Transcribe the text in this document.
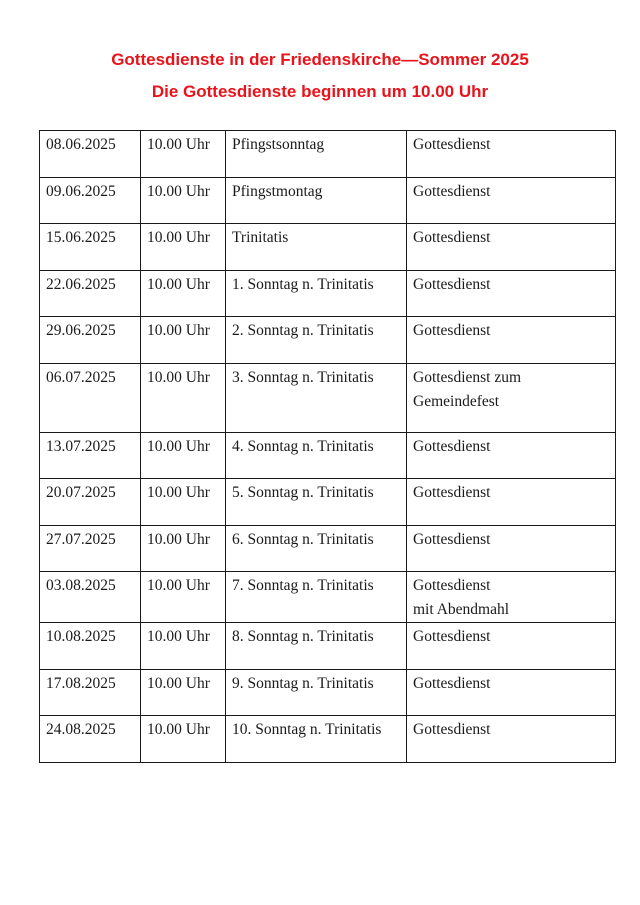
Gottesdienste in der Friedenskirche—Sommer 2025
Die Gottesdienste beginnen um 10.00 Uhr
08.06.2025	10.00 Uhr	Pfingstsonntag	Gottesdienst

09.06.2025	10.00 Uhr	Pfingstmontag	Gottesdienst

15.06.2025	10.00 Uhr	Trinitatis	Gottesdienst

22.06.2025	10.00 Uhr	1. Sonntag n. Trinitatis	Gottesdienst

29.06.2025	10.00 Uhr	2. Sonntag n. Trinitatis	Gottesdienst

06.07.2025	10.00 Uhr	3. Sonntag n. Trinitatis	Gottesdienst zum
Gemeindefest

13.07.2025	10.00 Uhr	4. Sonntag n. Trinitatis	Gottesdienst

20.07.2025	10.00 Uhr	5. Sonntag n. Trinitatis	Gottesdienst

27.07.2025	10.00 Uhr	6. Sonntag n. Trinitatis	Gottesdienst

03.08.2025	10.00 Uhr	7. Sonntag n. Trinitatis	Gottesdienst
mit Abendmahl

10.08.2025	10.00 Uhr	8. Sonntag n. Trinitatis	Gottesdienst

17.08.2025	10.00 Uhr	9. Sonntag n. Trinitatis	Gottesdienst

24.08.2025	10.00 Uhr	10. Sonntag n. Trinitatis	Gottesdienst
